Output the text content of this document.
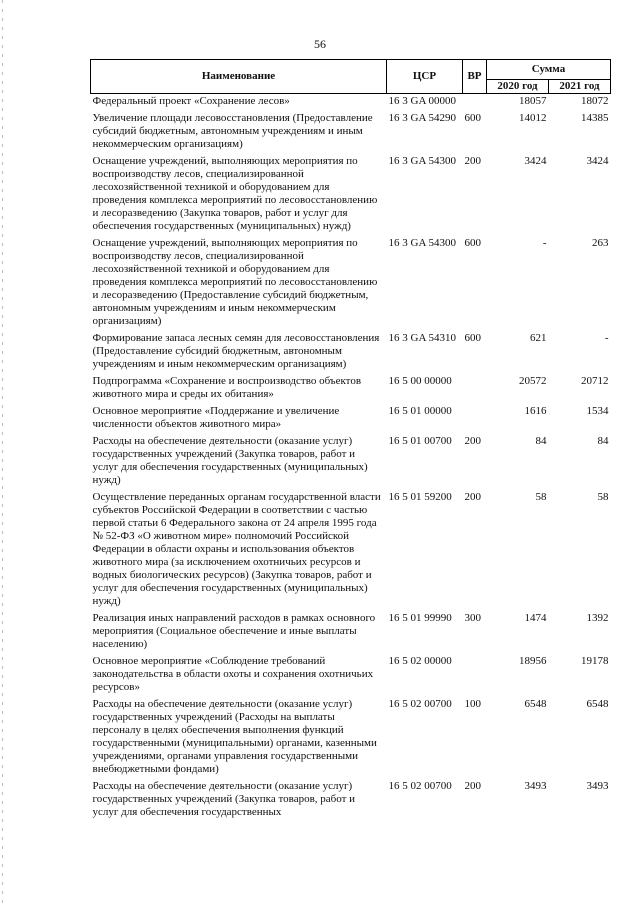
56
Наименование	ЦСР	ВР	Сумма	
			2020 год	2021 год
Федеральный проект «Сохранение лесов»	16 3 GA 00000		18057	18072
Увеличение площади лесовосстановления (Предоставление субсидий бюджетным, автономным учреждениям и иным некоммерческим организациям)	16 3 GA 54290	600	14012	14385
Оснащение учреждений, выполняющих мероприятия по воспроизводству лесов, специализированной лесохозяйственной техникой и оборудованием для проведения комплекса мероприятий по лесовосстановлению и лесоразведению (Закупка товаров, работ и услуг для обеспечения государственных (муниципальных) нужд)	16 3 GA 54300	200	3424	3424
Оснащение учреждений, выполняющих мероприятия по воспроизводству лесов, специализированной лесохозяйственной техникой и оборудованием для проведения комплекса мероприятий по лесовосстановлению и лесоразведению (Предоставление субсидий бюджетным, автономным учреждениям и иным некоммерческим организациям)	16 3 GA 54300	600	-	263
Формирование запаса лесных семян для лесовосстановления (Предоставление субсидий бюджетным, автономным учреждениям и иным некоммерческим организациям)	16 3 GA 54310	600	621	-
Подпрограмма «Сохранение и воспроизводство объектов животного мира и среды их обитания»	16 5 00 00000		20572	20712
Основное мероприятие «Поддержание и увеличение численности объектов животного мира»	16 5 01 00000		1616	1534
Расходы на обеспечение деятельности (оказание услуг) государственных учреждений (Закупка товаров, работ и услуг для обеспечения государственных (муниципальных) нужд)	16 5 01 00700	200	84	84
Осуществление переданных органам государственной власти субъектов Российской Федерации в соответствии с частью первой статьи 6 Федерального закона от 24 апреля 1995 года № 52-ФЗ «О животном мире» полномочий Российской Федерации в области охраны и использования объектов животного мира (за исключением охотничьих ресурсов и водных биологических ресурсов) (Закупка товаров, работ и услуг для обеспечения государственных (муниципальных) нужд)	16 5 01 59200	200	58	58
Реализация иных направлений расходов в рамках основного мероприятия (Социальное обеспечение и иные выплаты населению)	16 5 01 99990	300	1474	1392
Основное мероприятие «Соблюдение требований законодательства в области охоты и сохранения охотничьих ресурсов»	16 5 02 00000		18956	19178
Расходы на обеспечение деятельности (оказание услуг) государственных учреждений (Расходы на выплаты персоналу в целях обеспечения выполнения функций государственными (муниципальными) органами, казенными учреждениями, органами управления государственными внебюджетными фондами)	16 5 02 00700	100	6548	6548
Расходы на обеспечение деятельности (оказание услуг) государственных учреждений (Закупка товаров, работ и услуг для обеспечения государственных	16 5 02 00700	200	3493	3493
